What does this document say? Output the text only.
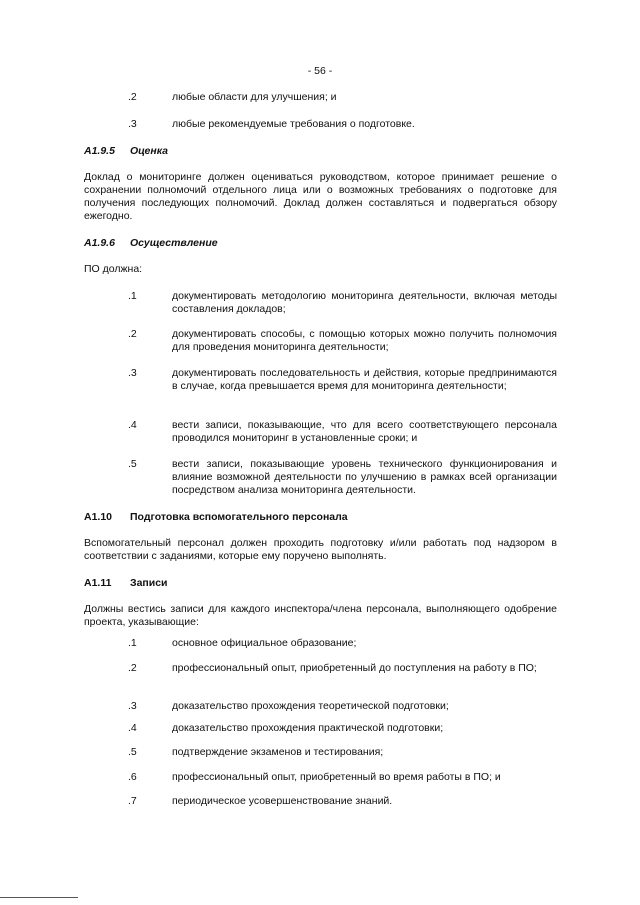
- 56 -
.2	любые области для улучшения; и
.3	любые рекомендуемые требования о подготовке.
A1.9.5 Оценка
Доклад о мониторинге должен оцениваться руководством, которое принимает решение о сохранении полномочий отдельного лица или о возможных требованиях о подготовке для получения последующих полномочий. Доклад должен составляться и подвергаться обзору ежегодно.
A1.9.6 Осуществление
ПО должна:
.1	документировать методологию мониторинга деятельности, включая методы составления докладов;
.2	документировать способы, с помощью которых можно получить полномочия для проведения мониторинга деятельности;
.3	документировать последовательность и действия, которые предпринимаются в случае, когда превышается время для мониторинга деятельности;
.4	вести записи, показывающие, что для всего соответствующего персонала проводился мониторинг в установленные сроки; и
.5	вести записи, показывающие уровень технического функционирования и влияние возможной деятельности по улучшению в рамках всей организации посредством анализа мониторинга деятельности.
A1.10 Подготовка вспомогательного персонала
Вспомогательный персонал должен проходить подготовку и/или работать под надзором в соответствии с заданиями, которые ему поручено выполнять.
A1.11 Записи
Должны вестись записи для каждого инспектора/члена персонала, выполняющего одобрение проекта, указывающие:
.1	основное официальное образование;
.2	профессиональный опыт, приобретенный до поступления на работу в ПО;
.3	доказательство прохождения теоретической подготовки;
.4	доказательство прохождения практической подготовки;
.5	подтверждение экзаменов и тестирования;
.6	профессиональный опыт, приобретенный во время работы в ПО; и
.7	периодическое усовершенствование знаний.
